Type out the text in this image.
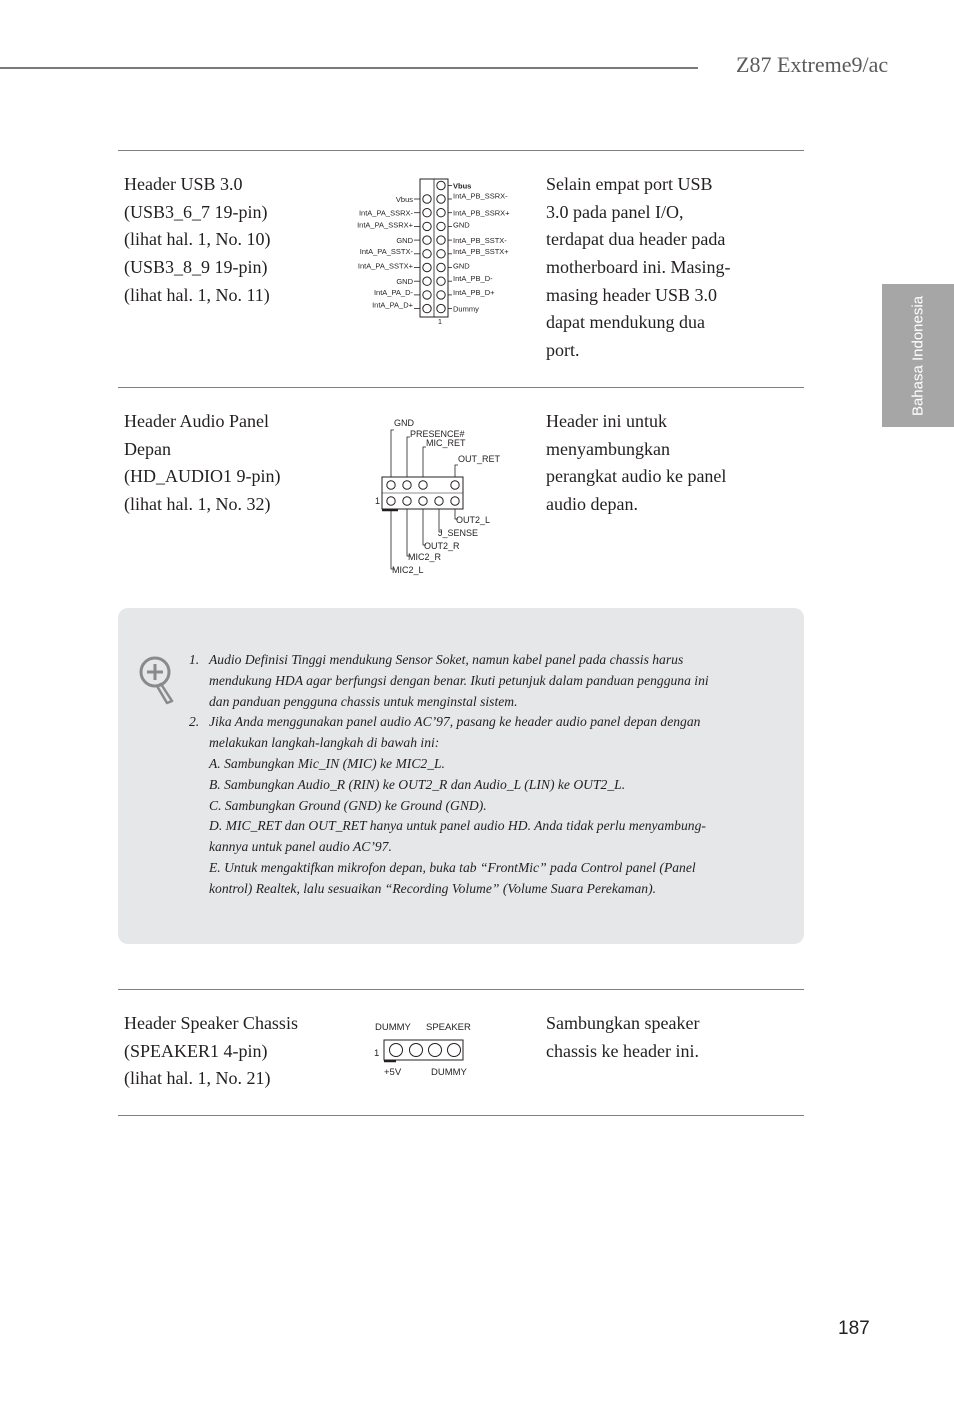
Z87 Extreme9/ac
Bahasa Indonesia
Header USB 3.0
(USB3_6_7 19-pin)
(lihat hal. 1, No. 10)
(USB3_8_9 19-pin)
(lihat hal. 1, No. 11)
Selain empat port USB
3.0 pada panel I/O,
terdapat dua header pada
motherboard ini. Masing-
masing header USB 3.0
dapat mendukung dua
port.
Vbus
Vbus	IntA_PB_SSRX-
IntA_PA_SSRX-	IntA_PB_SSRX+
IntA_PA_SSRX+	GND
GND	IntA_PB_SSTX-
IntA_PA_SSTX-	IntA_PB_SSTX+
IntA_PA_SSTX+	GND
GND	IntA_PB_D-
IntA_PA_D-	IntA_PB_D+
IntA_PA_D+	Dummy
1
Header Audio Panel
Depan
(HD_AUDIO1 9-pin)
(lihat hal. 1, No. 32)
Header ini untuk
menyambungkan
perangkat audio ke panel
audio depan.
GND
PRESENCE#
MIC_RET
OUT_RET
OUT2_L
J_SENSE
OUT2_R
MIC2_R
MIC2_L
1
1. Audio Definisi Tinggi mendukung Sensor Soket, namun kabel panel pada chassis harus
mendukung HDA agar berfungsi dengan benar. Ikuti petunjuk dalam panduan pengguna ini
dan panduan pengguna chassis untuk menginstal sistem.
2. Jika Anda menggunakan panel audio AC’97, pasang ke header audio panel depan dengan
melakukan langkah-langkah di bawah ini:
A. Sambungkan Mic_IN (MIC) ke MIC2_L.
B. Sambungkan Audio_R (RIN) ke OUT2_R dan Audio_L (LIN) ke OUT2_L.
C. Sambungkan Ground (GND) ke Ground (GND).
D. MIC_RET dan OUT_RET hanya untuk panel audio HD. Anda tidak perlu menyambung-
kannya untuk panel audio AC’97.
E. Untuk mengaktifkan mikrofon depan, buka tab “FrontMic” pada Control panel (Panel
kontrol) Realtek, lalu sesuaikan “Recording Volume” (Volume Suara Perekaman).
Header Speaker Chassis
(SPEAKER1 4-pin)
(lihat hal. 1, No. 21)
Sambungkan speaker
chassis ke header ini.
DUMMY SPEAKER
1
+5V	DUMMY
187
